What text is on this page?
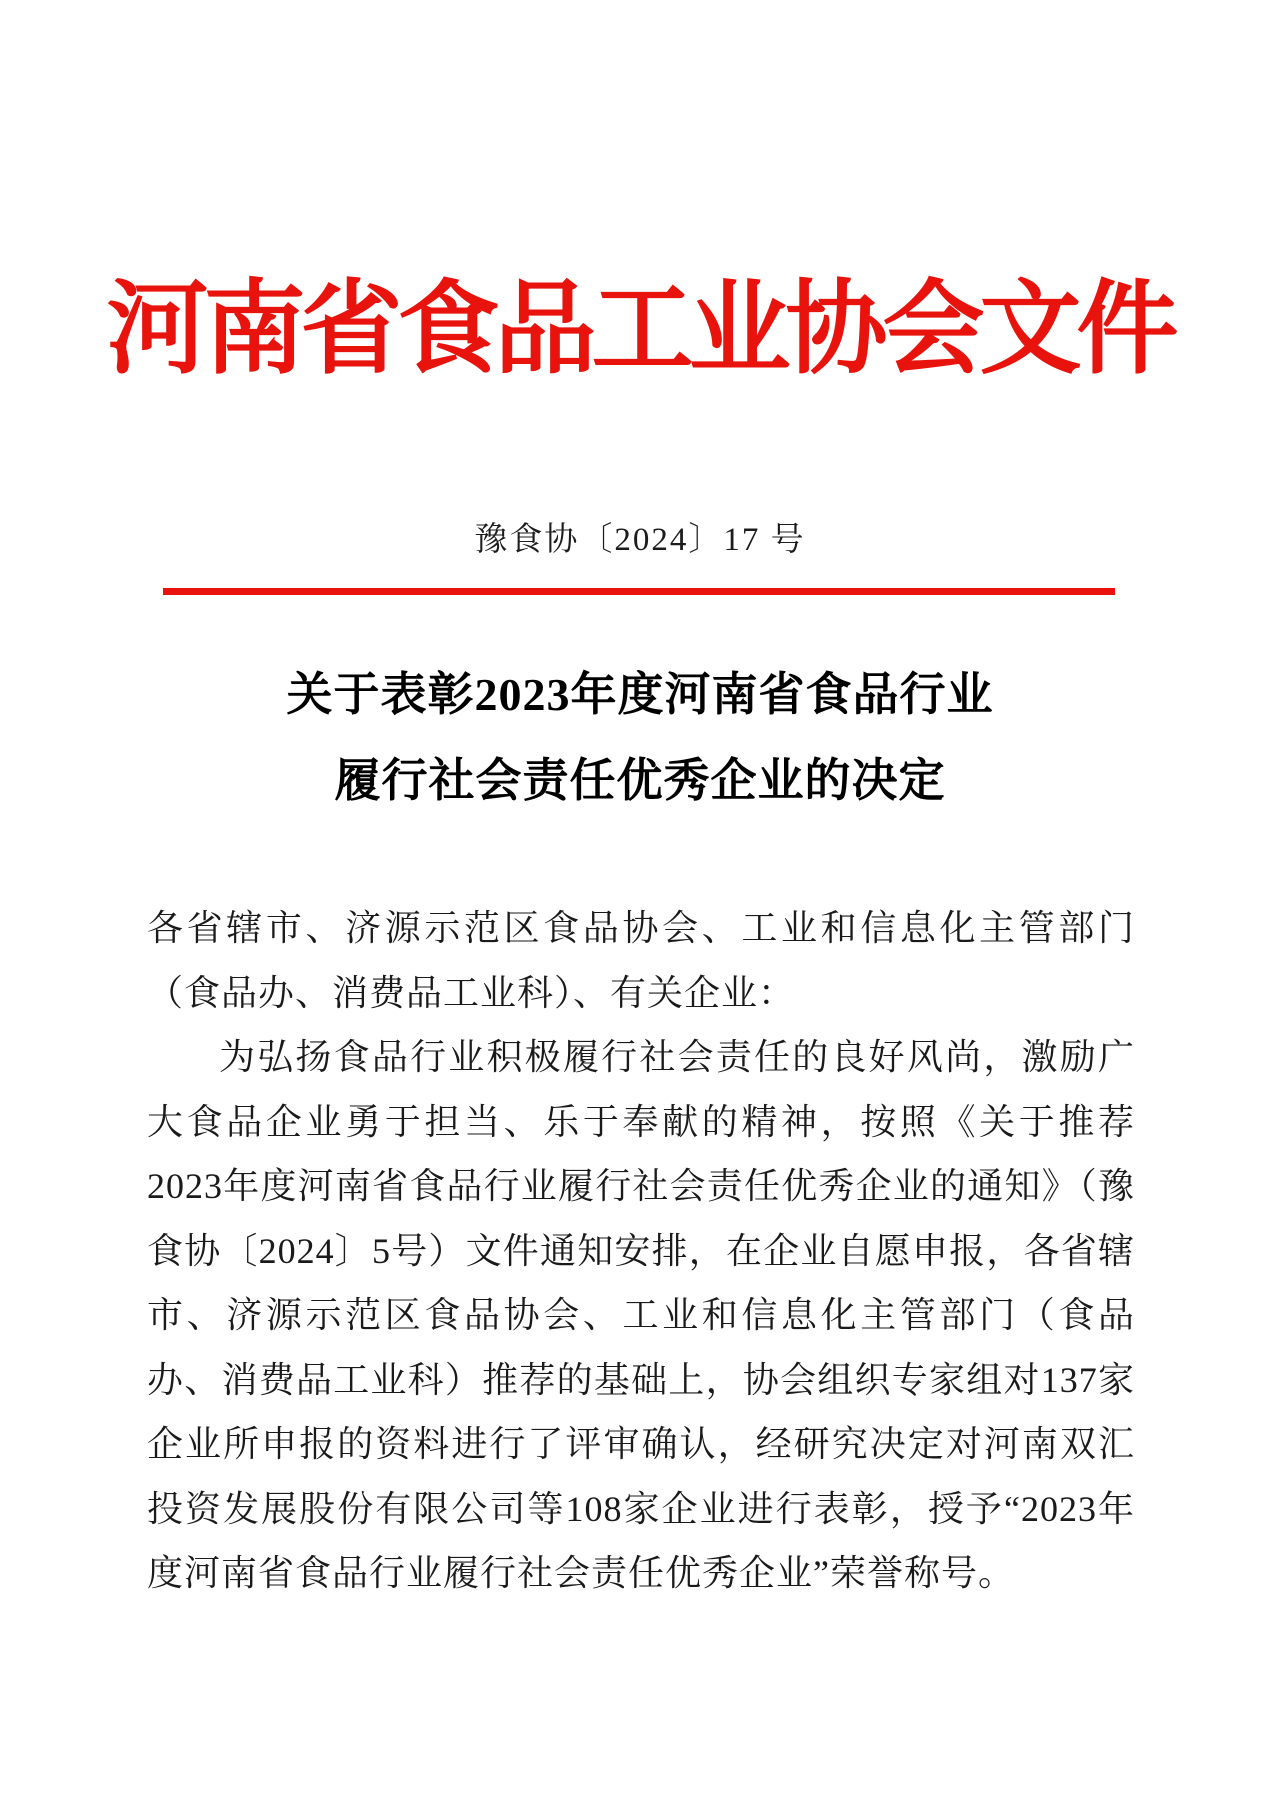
河南省食品工业协会文件
豫食协〔2024〕17 号
关于表彰2023年度河南省食品行业
履行社会责任优秀企业的决定

各省辖市、济源示范区食品协会、工业和信息化主管部门（食品办、消费品工业科）、有关企业：

为弘扬食品行业积极履行社会责任的良好风尚，激励广大食品企业勇于担当、乐于奉献的精神，按照《关于推荐2023年度河南省食品行业履行社会责任优秀企业的通知》（豫食协〔2024〕5号）文件通知安排，在企业自愿申报，各省辖市、济源示范区食品协会、工业和信息化主管部门（食品办、消费品工业科）推荐的基础上，协会组织专家组对137家企业所申报的资料进行了评审确认，经研究决定对河南双汇投资发展股份有限公司等108家企业进行表彰，授予“2023年度河南省食品行业履行社会责任优秀企业”荣誉称号。
